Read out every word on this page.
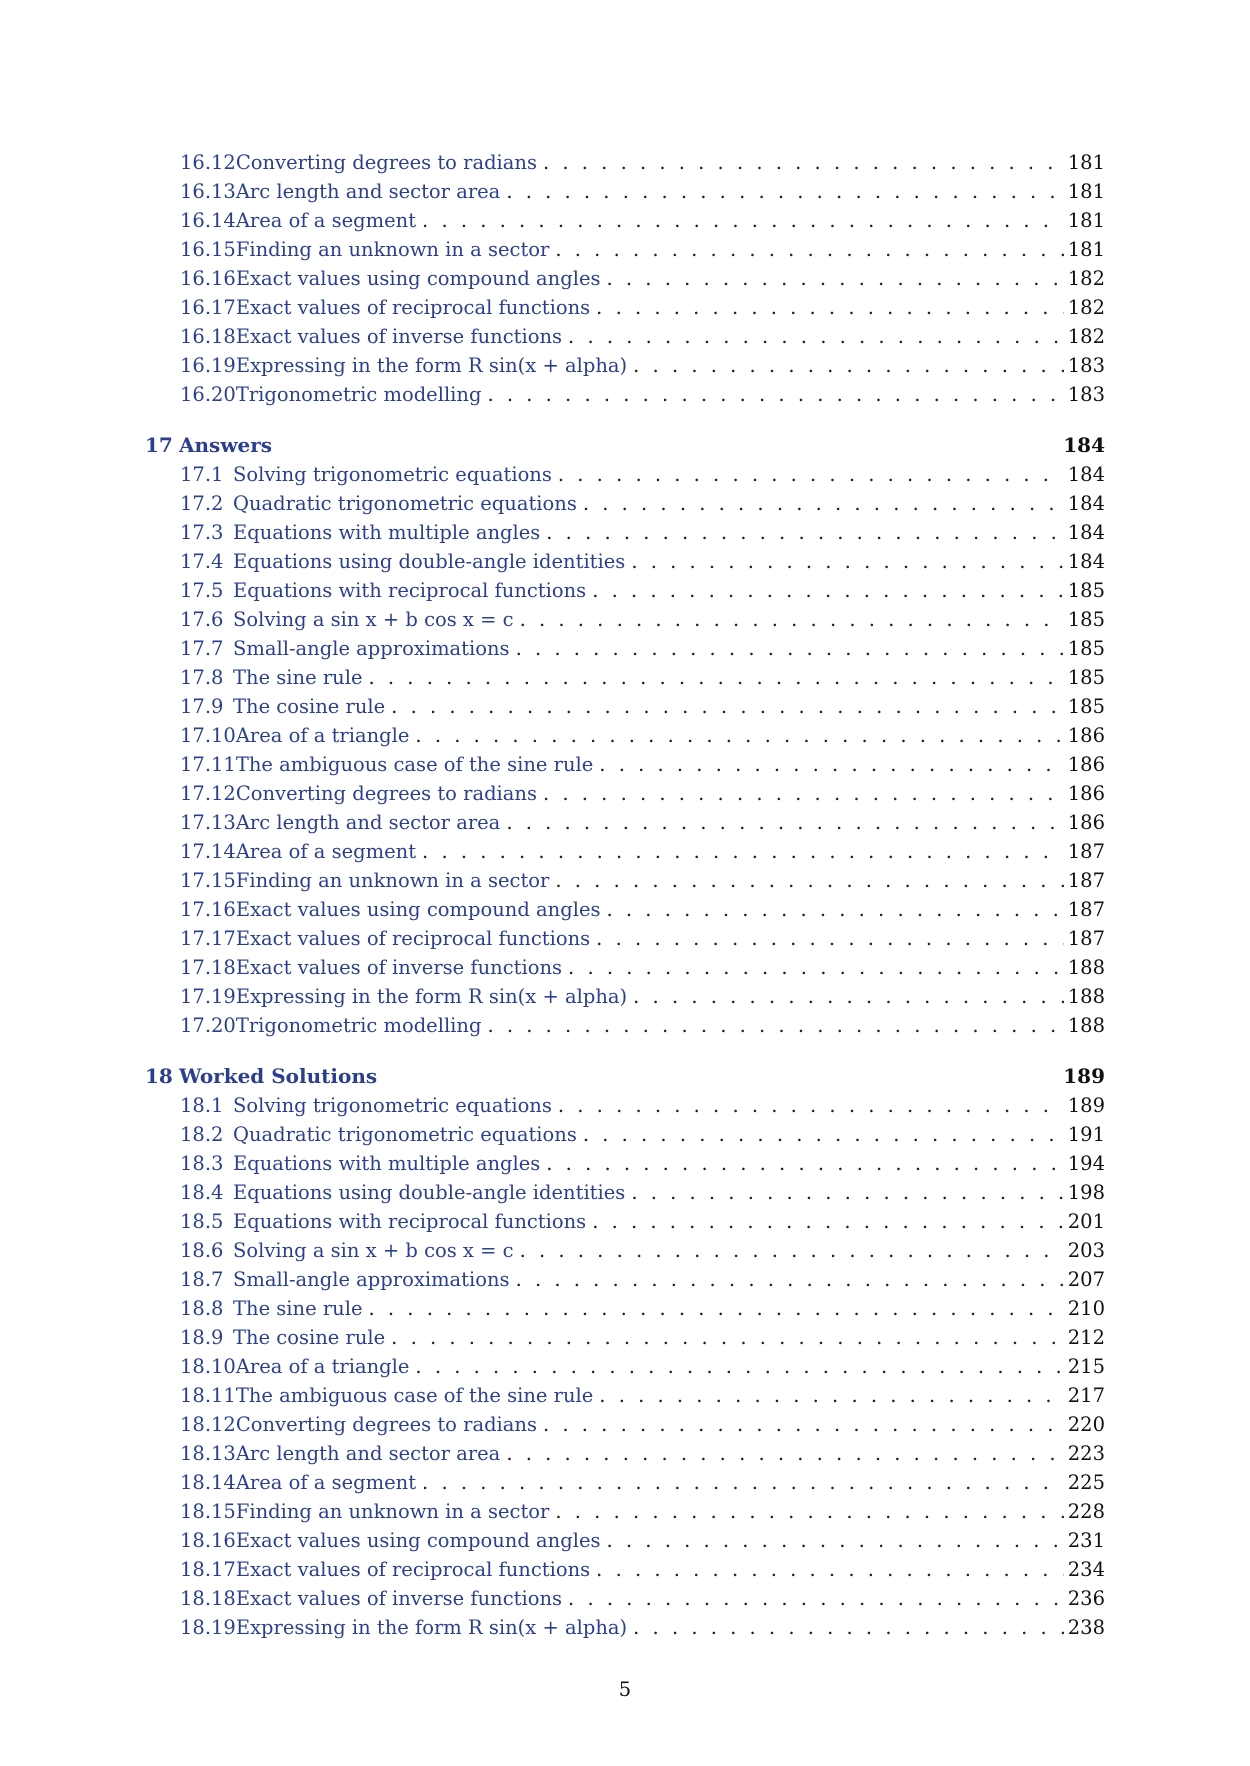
16.12 Converting degrees to radians . . .	181
16.13 Arc length and sector area . . .	181
16.14 Area of a segment . . .	181
16.15 Finding an unknown in a sector . . .	181
16.16 Exact values using compound angles . . .	182
16.17 Exact values of reciprocal functions . . .	182
16.18 Exact values of inverse functions . . .	182
16.19 Expressing in the form R sin(x + alpha) . . .	183
16.20 Trigonometric modelling . . .	183
17 Answers	184
17.1 Solving trigonometric equations . . .	184
17.2 Quadratic trigonometric equations . . .	184
17.3 Equations with multiple angles . . .	184
17.4 Equations using double-angle identities . . .	184
17.5 Equations with reciprocal functions . . .	185
17.6 Solving a sin x + b cos x = c . . .	185
17.7 Small-angle approximations . . .	185
17.8 The sine rule . . .	185
17.9 The cosine rule . . .	185
17.10 Area of a triangle . . .	186
17.11 The ambiguous case of the sine rule . . .	186
17.12 Converting degrees to radians . . .	186
17.13 Arc length and sector area . . .	186
17.14 Area of a segment . . .	187
17.15 Finding an unknown in a sector . . .	187
17.16 Exact values using compound angles . . .	187
17.17 Exact values of reciprocal functions . . .	187
17.18 Exact values of inverse functions . . .	188
17.19 Expressing in the form R sin(x + alpha) . . .	188
17.20 Trigonometric modelling . . .	188
18 Worked Solutions	189
18.1 Solving trigonometric equations . . .	189
18.2 Quadratic trigonometric equations . . .	191
18.3 Equations with multiple angles . . .	194
18.4 Equations using double-angle identities . . .	198
18.5 Equations with reciprocal functions . . .	201
18.6 Solving a sin x + b cos x = c . . .	203
18.7 Small-angle approximations . . .	207
18.8 The sine rule . . .	210
18.9 The cosine rule . . .	212
18.10 Area of a triangle . . .	215
18.11 The ambiguous case of the sine rule . . .	217
18.12 Converting degrees to radians . . .	220
18.13 Arc length and sector area . . .	223
18.14 Area of a segment . . .	225
18.15 Finding an unknown in a sector . . .	228
18.16 Exact values using compound angles . . .	231
18.17 Exact values of reciprocal functions . . .	234
18.18 Exact values of inverse functions . . .	236
18.19 Expressing in the form R sin(x + alpha) . . .	238
5
